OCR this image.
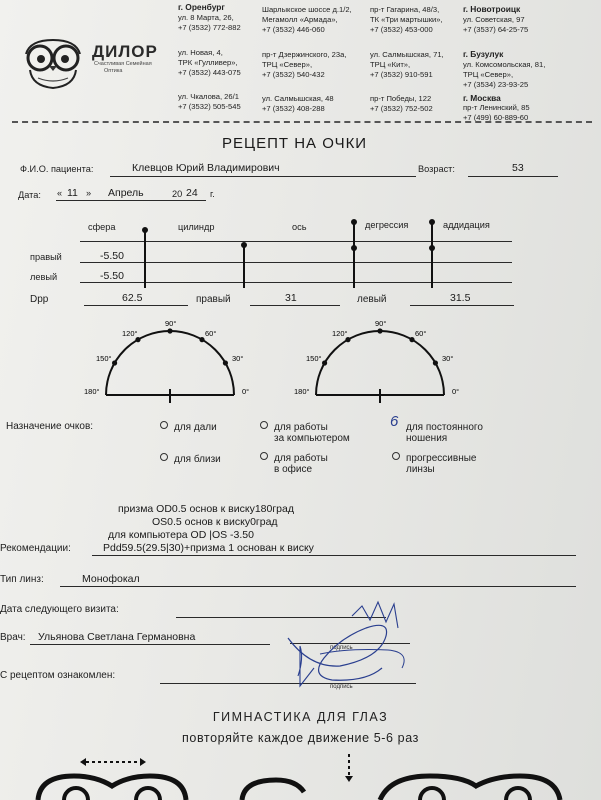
ДИЛОР
Счастливая Семейная
Оптика
г. Оренбург
ул. 8 Марта, 26,
+7 (3532) 772-882
ул. Новая, 4,
ТРК «Гулливер»,
+7 (3532) 443-075
ул. Чкалова, 26/1
+7 (3532) 505-545
Шарлыкское шоссе д.1/2,
Мегамолл «Армада»,
+7 (3532) 446-060
пр-т Дзержинского, 23а,
ТРЦ «Север»,
+7 (3532) 540-432
ул. Салмышская, 48
+7 (3532) 408-288
пр-т Гагарина, 48/3,
ТК «Три мартышки»,
+7 (3532) 453-000
ул. Салмышская, 71,
ТРЦ «Кит»,
+7 (3532) 910-591
пр-т Победы, 122
+7 (3532) 752-502
г. Новотроицк
ул. Советская, 97
+7 (3537) 64-25-75
г. Бузулук
ул. Комсомольская, 81,
ТРЦ «Север»,
+7 (3534) 23-93-25
г. Москва
пр-т Ленинский, 85
+7 (499) 60-889-60
РЕЦЕПТ НА ОЧКИ
Ф.И.О. пациента:	Клевцов Юрий Владимирович	Возраст:	53
Дата: « 11 » Апрель	20 24 г.
сфера	цилиндр	ось	дегрессия	аддидация
правый	-5.50
левый	-5.50
Dpp	62.5	правый	31	левый	31.5
90°
60°
120°
30°
150°
0°
180°
90°
60°
120°
30°
150°
0°
180°
Назначение очков:	для дали	для работы
за компьютером
6 для постоянного
ношения
для близи	для работы
в офисе
прогрессивные
линзы
призма OD0.5 основ к виску180град
OS0.5 основ к виску0град
для компьютера OD |OS -3.50
Рекомендации:	Pdd59.5(29.5|30)+призма 1 основан к виску
Тип линз:	Монофокал
Дата следующего визита:
Врач: Ульянова Светлана Германовна
подпись
С рецептом ознакомлен:
подпись
ГИМНАСТИКА ДЛЯ ГЛАЗ
повторяйте каждое движение 5-6 раз
